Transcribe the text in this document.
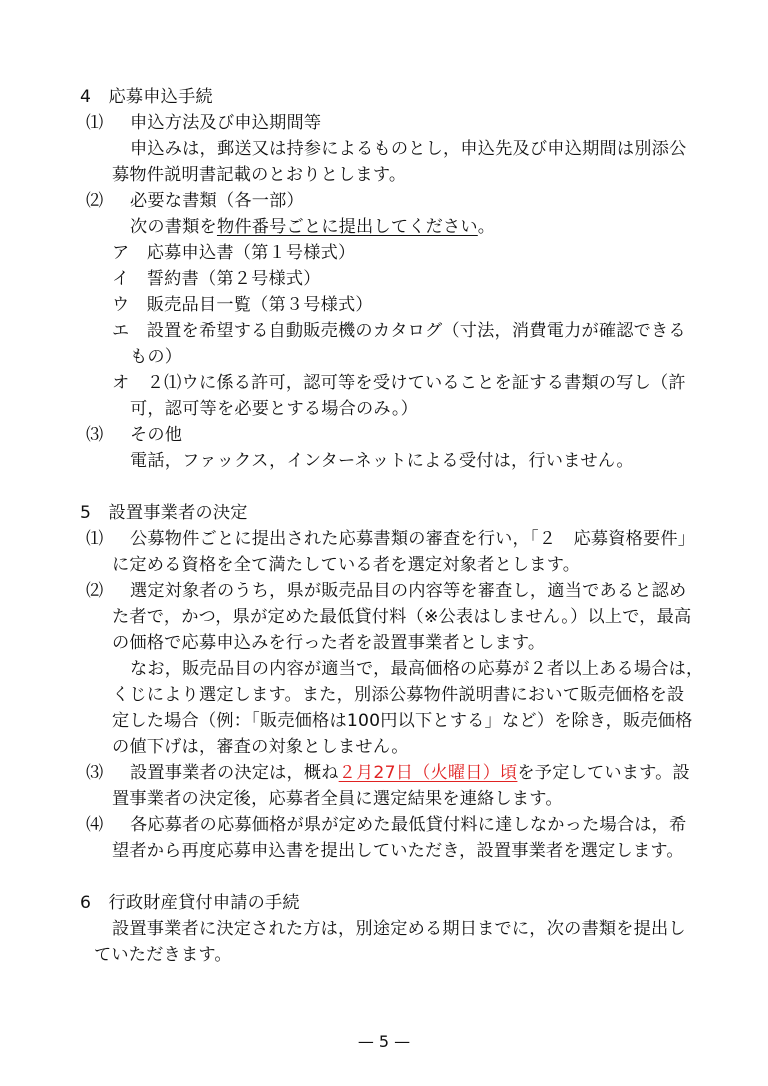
4　応募申込手続
⑴ 申込方法及び申込期間等
申込みは，郵送又は持参によるものとし，申込先及び申込期間は別添公
募物件説明書記載のとおりとします。
⑵ 必要な書類（各一部）
次の書類を物件番号ごとに提出してください。
ア　応募申込書（第１号様式）
イ　誓約書（第２号様式）
ウ　販売品目一覧（第３号様式）
エ　設置を希望する自動販売機のカタログ（寸法，消費電力が確認できる
もの）
オ　２⑴ウに係る許可，認可等を受けていることを証する書類の写し（許
可，認可等を必要とする場合のみ。）
⑶ その他
電話，ファックス，インターネットによる受付は，行いません。
5　設置事業者の決定
⑴ 公募物件ごとに提出された応募書類の審査を行い，「２　応募資格要件」
に定める資格を全て満たしている者を選定対象者とします。
⑵ 選定対象者のうち，県が販売品目の内容等を審査し，適当であると認め
た者で，かつ，県が定めた最低貸付料（※公表はしません。）以上で，最高
の価格で応募申込みを行った者を設置事業者とします。
なお，販売品目の内容が適当で，最高価格の応募が２者以上ある場合は，
くじにより選定します。また，別添公募物件説明書において販売価格を設
定した場合（例：「販売価格は100円以下とする」など）を除き，販売価格
の値下げは，審査の対象としません。
⑶ 設置事業者の決定は，概ね２月27日（火曜日）頃を予定しています。設
置事業者の決定後，応募者全員に選定結果を連絡します。
⑷ 各応募者の応募価格が県が定めた最低貸付料に達しなかった場合は，希
望者から再度応募申込書を提出していただき，設置事業者を選定します。
6　行政財産貸付申請の手続
設置事業者に決定された方は，別途定める期日までに，次の書類を提出し
ていただきます。
— 5 —
